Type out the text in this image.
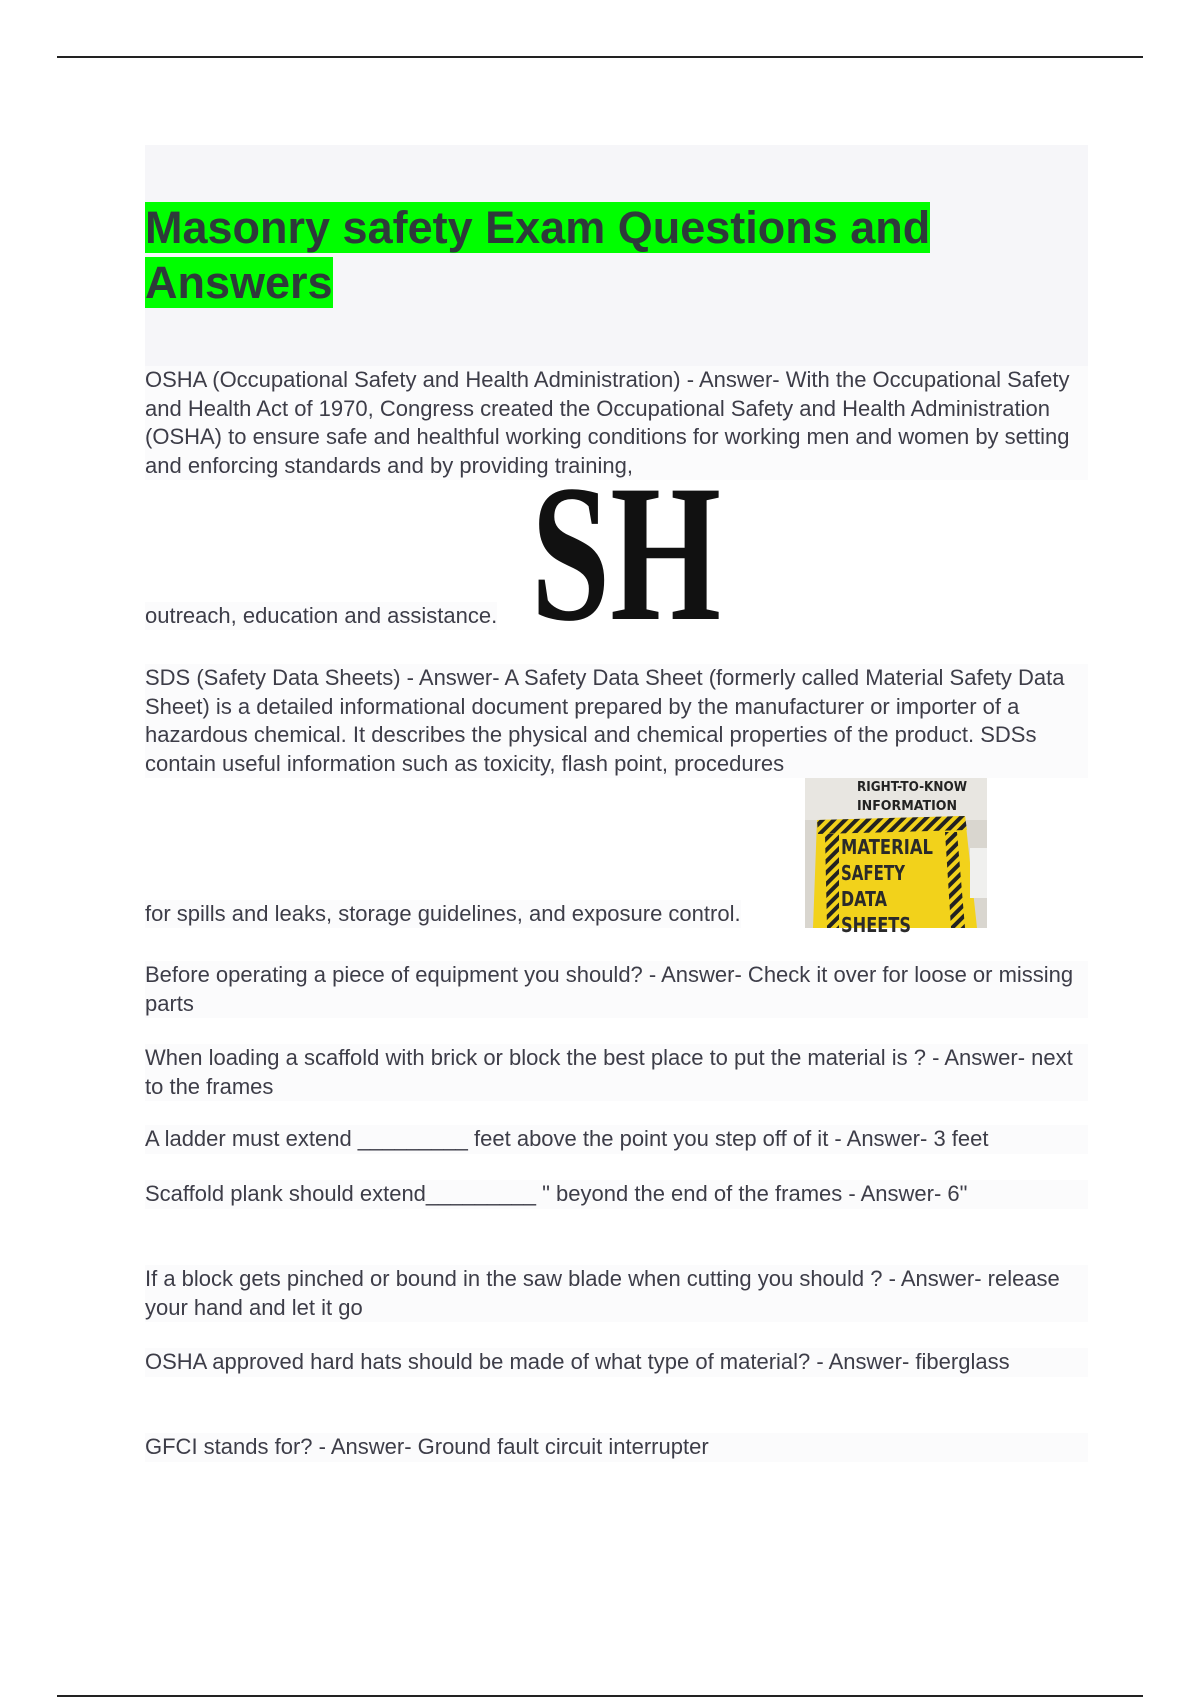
Masonry safety Exam Questions and Answers

OSHA (Occupational Safety and Health Administration) - Answer- With the Occupational Safety and Health Act of 1970, Congress created the Occupational Safety and Health Administration (OSHA) to ensure safe and healthful working conditions for working men and women by setting and enforcing standards and by providing training,

outreach, education and assistance. SH

SDS (Safety Data Sheets) - Answer- A Safety Data Sheet (formerly called Material Safety Data Sheet) is a detailed informational document prepared by the manufacturer or importer of a hazardous chemical. It describes the physical and chemical properties of the product. SDSs contain useful information such as toxicity, flash point, procedures

for spills and leaks, storage guidelines, and exposure control.
RIGHT-TO-KNOW
INFORMATION
MATERIAL
SAFETY
DATA
SHEETS

Before operating a piece of equipment you should? - Answer- Check it over for loose or missing parts

When loading a scaffold with brick or block the best place to put the material is ? - Answer- next to the frames

A ladder must extend _________ feet above the point you step off of it - Answer- 3 feet

Scaffold plank should extend_________ " beyond the end of the frames - Answer- 6"

If a block gets pinched or bound in the saw blade when cutting you should ? - Answer- release your hand and let it go

OSHA approved hard hats should be made of what type of material? - Answer- fiberglass

GFCI stands for? - Answer- Ground fault circuit interrupter
